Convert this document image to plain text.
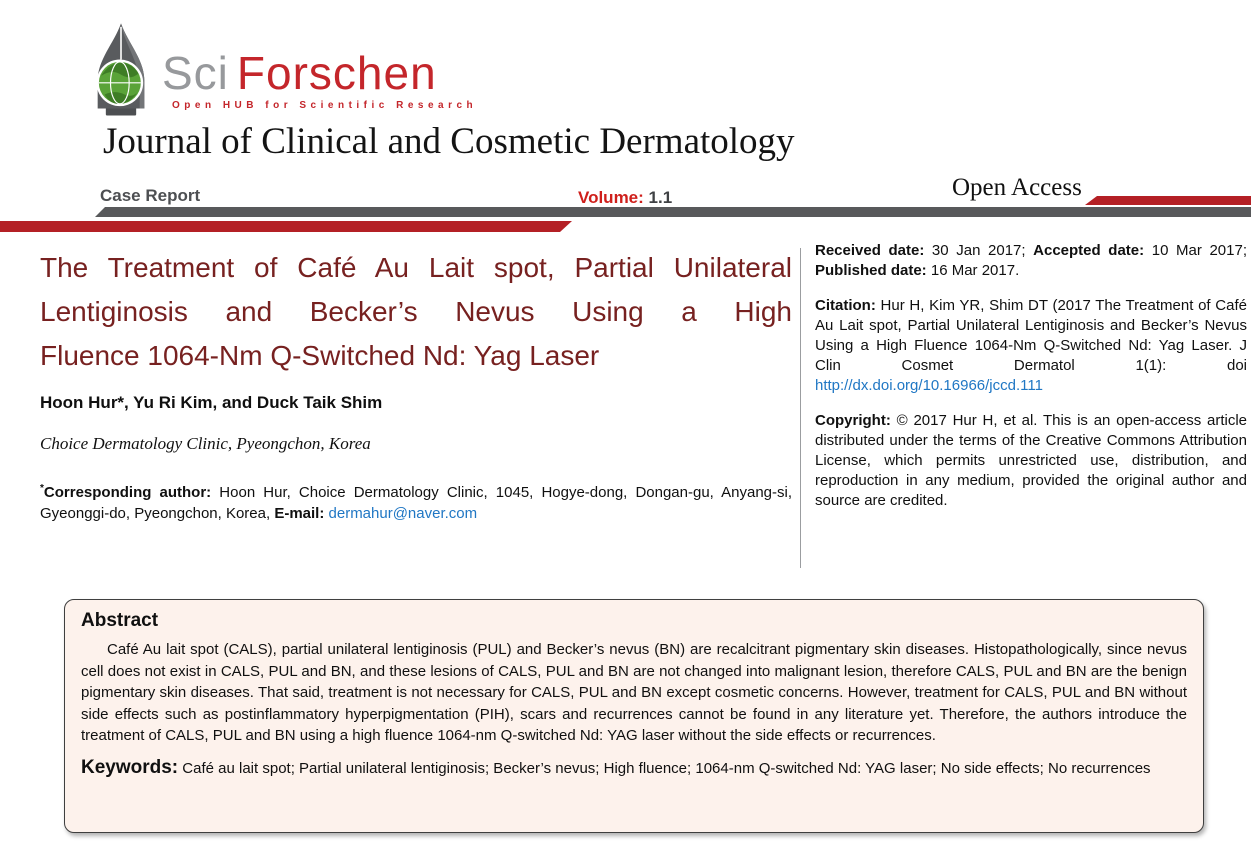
Sci Forschen
Open HUB for Scientific Research
Journal of Clinical and Cosmetic Dermatology
Case Report	Volume: 1.1	Open Access
The Treatment of Café Au Lait spot, Partial Unilateral
Lentiginosis and Becker’s Nevus Using a High
Fluence 1064-Nm Q-Switched Nd: Yag Laser
Hoon Hur*, Yu Ri Kim, and Duck Taik Shim
Choice Dermatology Clinic, Pyeongchon, Korea
*Corresponding author: Hoon Hur, Choice Dermatology Clinic, 1045, Hogye-dong, Dongan-gu, Anyang-si, Gyeonggi-do, Pyeongchon, Korea, E-mail: dermahur@naver.com

Received date: 30 Jan 2017; Accepted date: 10 Mar 2017; Published date: 16 Mar 2017.

Citation: Hur H, Kim YR, Shim DT (2017 The Treatment of Café Au Lait spot, Partial Unilateral Lentiginosis and Becker’s Nevus Using a High Fluence 1064-Nm Q-Switched Nd: Yag Laser. J Clin Cosmet Dermatol 1(1): doi http://dx.doi.org/10.16966/jccd.111

Copyright: © 2017 Hur H, et al. This is an open-access article distributed under the terms of the Creative Commons Attribution License, which permits unrestricted use, distribution, and reproduction in any medium, provided the original author and source are credited.

Abstract
Café Au lait spot (CALS), partial unilateral lentiginosis (PUL) and Becker’s nevus (BN) are recalcitrant pigmentary skin diseases. Histopathologically, since nevus cell does not exist in CALS, PUL and BN, and these lesions of CALS, PUL and BN are not changed into malignant lesion, therefore CALS, PUL and BN are the benign pigmentary skin diseases. That said, treatment is not necessary for CALS, PUL and BN except cosmetic concerns. However, treatment for CALS, PUL and BN without side effects such as postinflammatory hyperpigmentation (PIH), scars and recurrences cannot be found in any literature yet. Therefore, the authors introduce the treatment of CALS, PUL and BN using a high fluence 1064-nm Q-switched Nd: YAG laser without the side effects or recurrences.
Keywords: Café au lait spot; Partial unilateral lentiginosis; Becker’s nevus; High fluence; 1064-nm Q-switched Nd: YAG laser; No side effects; No recurrences
